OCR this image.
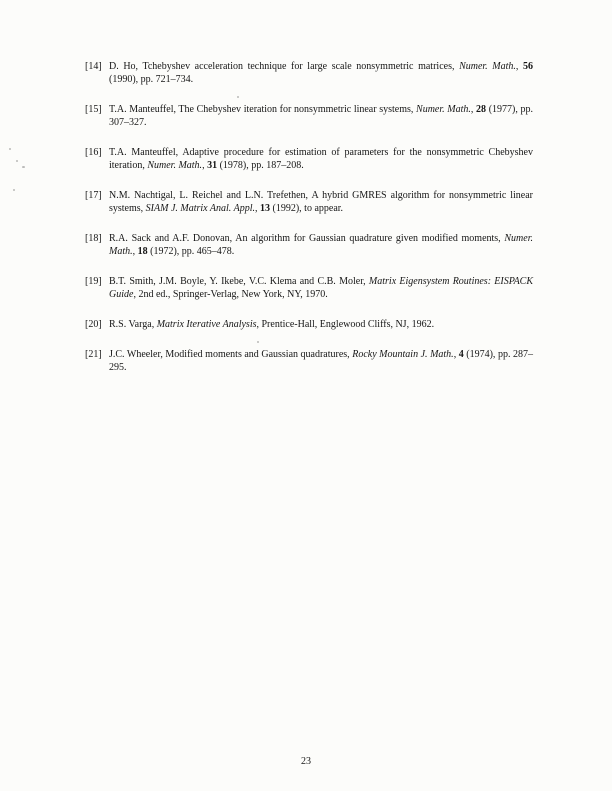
[14] D. Ho, Tchebyshev acceleration technique for large scale nonsymmetric matrices, Numer. Math., 56 (1990), pp. 721–734.
[15] T.A. Manteuffel, The Chebyshev iteration for nonsymmetric linear systems, Numer. Math., 28 (1977), pp. 307–327.
[16] T.A. Manteuffel, Adaptive procedure for estimation of parameters for the nonsymmetric Chebyshev iteration, Numer. Math., 31 (1978), pp. 187–208.
[17] N.M. Nachtigal, L. Reichel and L.N. Trefethen, A hybrid GMRES algorithm for nonsymmetric linear systems, SIAM J. Matrix Anal. Appl., 13 (1992), to appear.
[18] R.A. Sack and A.F. Donovan, An algorithm for Gaussian quadrature given modified moments, Numer. Math., 18 (1972), pp. 465–478.
[19] B.T. Smith, J.M. Boyle, Y. Ikebe, V.C. Klema and C.B. Moler, Matrix Eigensystem Routines: EISPACK Guide, 2nd ed., Springer-Verlag, New York, NY, 1970.
[20] R.S. Varga, Matrix Iterative Analysis, Prentice-Hall, Englewood Cliffs, NJ, 1962.
[21] J.C. Wheeler, Modified moments and Gaussian quadratures, Rocky Mountain J. Math., 4 (1974), pp. 287–295.
23
